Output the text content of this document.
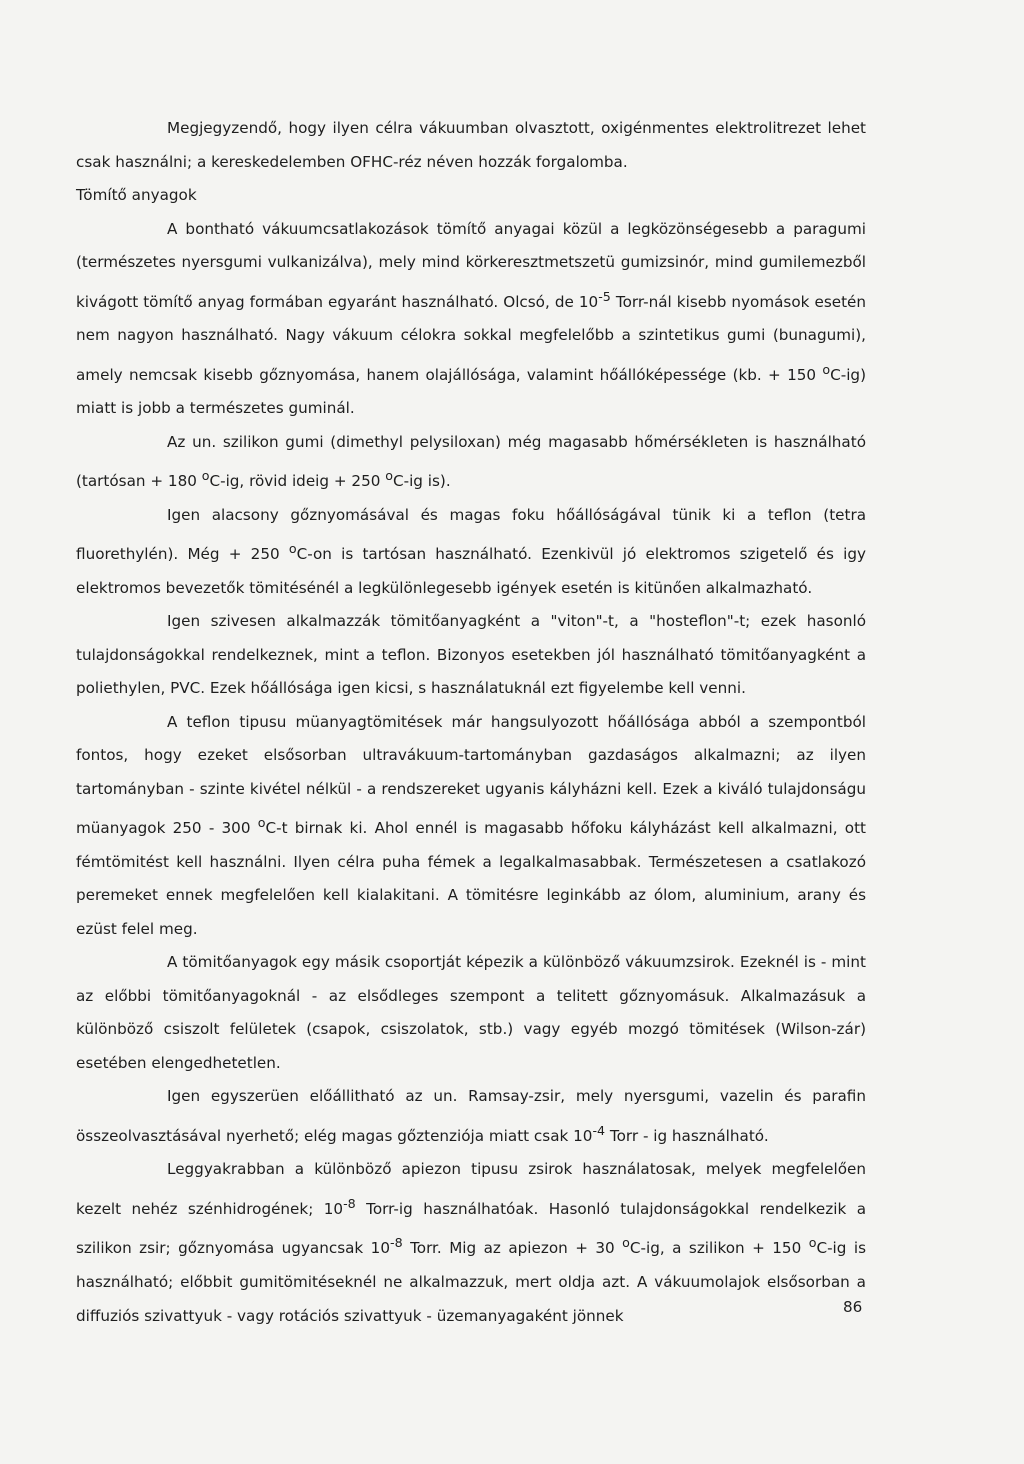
Megjegyzendő, hogy ilyen célra vákuumban olvasztott, oxigénmentes elektrolitrezet lehet csak használni; a kereskedelemben OFHC-réz néven hozzák forgalomba.

Tömítő anyagok

A bontható vákuumcsatlakozások tömítő anyagai közül a legközönségesebb a paragumi (természetes nyersgumi vulkanizálva), mely mind körkeresztmetszetü gumizsinór, mind gumilemezből kivágott tömítő anyag formában egyaránt használható. Olcsó, de $10^{-5}$ Torr-nál kisebb nyomások esetén nem nagyon használható. Nagy vákuum célokra sokkal megfelelőbb a szintetikus gumi (bunagumi), amely nemcsak kisebb gőznyomása, hanem olajállósága, valamint hőállóképessége (kb. + 150 $^o$C-ig) miatt is jobb a természetes guminál.

Az un. szilikon gumi (dimethyl pelysiloxan) még magasabb hőmérsékleten is használható (tartósan + 180 $^o$C-ig, rövid ideig + 250 $^o$C-ig is).

Igen alacsony gőznyomásával és magas foku hőállóságával tünik ki a teflon (tetra fluorethylén). Még + 250 $^o$C-on is tartósan használható. Ezenkivül jó elektromos szigetelő és igy elektromos bevezetők tömitésénél a legkülönlegesebb igények esetén is kitünően alkalmazható.

Igen szivesen alkalmazzák tömitőanyagként a "viton"-t, a "hosteflon"-t; ezek hasonló tulajdonságokkal rendelkeznek, mint a teflon. Bizonyos esetekben jól használható tömitőanyagként a poliethylen, PVC. Ezek hőállósága igen kicsi, s használatuknál ezt figyelembe kell venni.

A teflon tipusu müanyagtömitések már hangsulyozott hőállósága abból a szempontból fontos, hogy ezeket elsősorban ultravákuum-tartományban gazdaságos alkalmazni; az ilyen tartományban - szinte kivétel nélkül - a rendszereket ugyanis kályházni kell. Ezek a kiváló tulajdonságu müanyagok 250 - 300 $^o$C-t birnak ki. Ahol ennél is magasabb hőfoku kályházást kell alkalmazni, ott fémtömitést kell használni. Ilyen célra puha fémek a legalkalmasabbak. Természetesen a csatlakozó peremeket ennek megfelelően kell kialakitani. A tömitésre leginkább az ólom, aluminium, arany és ezüst felel meg.

A tömitőanyagok egy másik csoportját képezik a különböző vákuumzsirok. Ezeknél is - mint az előbbi tömitőanyagoknál - az elsődleges szempont a telitett gőznyomásuk. Alkalmazásuk a különböző csiszolt felületek (csapok, csiszolatok, stb.) vagy egyéb mozgó tömitések (Wilson-zár) esetében elengedhetetlen.

Igen egyszerüen előállitható az un. Ramsay-zsir, mely nyersgumi, vazelin és parafin összeolvasztásával nyerhető; elég magas gőztenziója miatt csak $10^{-4}$ Torr - ig használható.

Leggyakrabban a különböző apiezon tipusu zsirok használatosak, melyek megfelelően kezelt nehéz szénhidrogének; $10^{-8}$ Torr-ig használhatóak. Hasonló tulajdonságokkal rendelkezik a szilikon zsir; gőznyomása ugyancsak $10^{-8}$ Torr. Mig az apiezon + 30 $^o$C-ig, a szilikon + 150 $^o$C-ig is használható; előbbit gumitömitéseknél ne alkalmazzuk, mert oldja azt. A vákuumolajok elsősorban a diffuziós szivattyuk - vagy rotációs szivattyuk - üzemanyagaként jönnek	86
